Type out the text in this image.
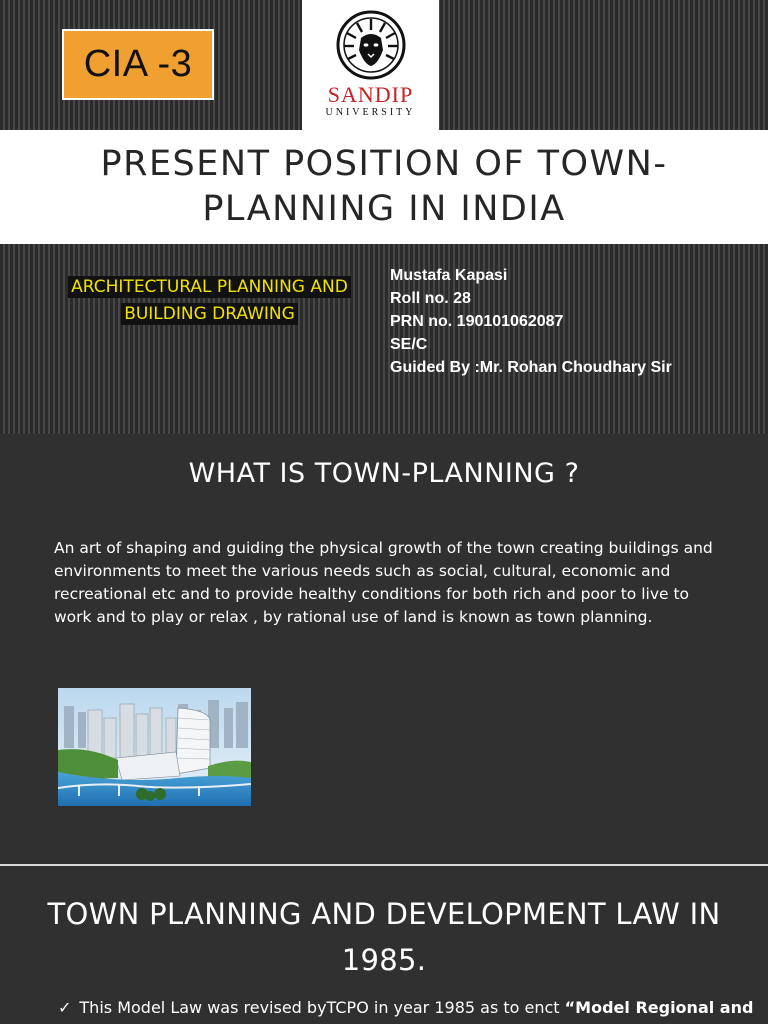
CIA -3
SANDIP
UNIVERSITY
PRESENT POSITION OF TOWN-PLANNING IN INDIA
ARCHITECTURAL PLANNING AND BUILDING DRAWING
Mustafa Kapasi
Roll no. 28
PRN no. 190101062087
SE/C
Guided By :Mr. Rohan Choudhary Sir
WHAT IS TOWN-PLANNING ?

An art of shaping and guiding the physical growth of the town creating buildings and environments to meet the various needs such as social, cultural, economic and recreational etc and to provide healthy conditions for both rich and poor to live to work and to play or relax , by rational use of land is known as town planning.

TOWN PLANNING AND DEVELOPMENT LAW IN 1985.
✓ This Model Law was revised byTCPO in year 1985 as to enct “Model Regional and
